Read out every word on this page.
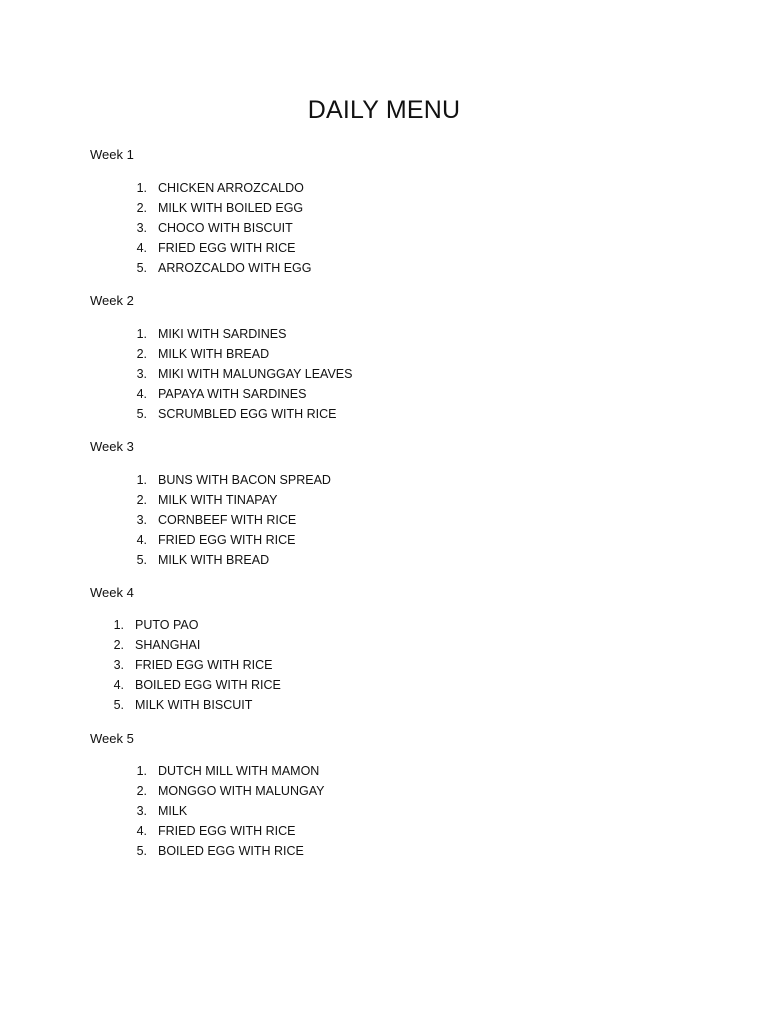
DAILY MENU
Week 1
1. CHICKEN ARROZCALDO
2. MILK WITH BOILED EGG
3. CHOCO WITH BISCUIT
4. FRIED EGG WITH RICE
5. ARROZCALDO WITH EGG
Week 2
1. MIKI WITH SARDINES
2. MILK WITH BREAD
3. MIKI WITH MALUNGGAY LEAVES
4. PAPAYA WITH SARDINES
5. SCRUMBLED EGG WITH RICE
Week 3
1. BUNS WITH BACON SPREAD
2. MILK WITH TINAPAY
3. CORNBEEF WITH RICE
4. FRIED EGG WITH RICE
5. MILK WITH BREAD
Week 4
1. PUTO PAO
2. SHANGHAI
3. FRIED EGG WITH RICE
4. BOILED EGG WITH RICE
5. MILK WITH BISCUIT
Week 5
1. DUTCH MILL WITH MAMON
2. MONGGO WITH MALUNGAY
3. MILK
4. FRIED EGG WITH RICE
5. BOILED EGG WITH RICE
